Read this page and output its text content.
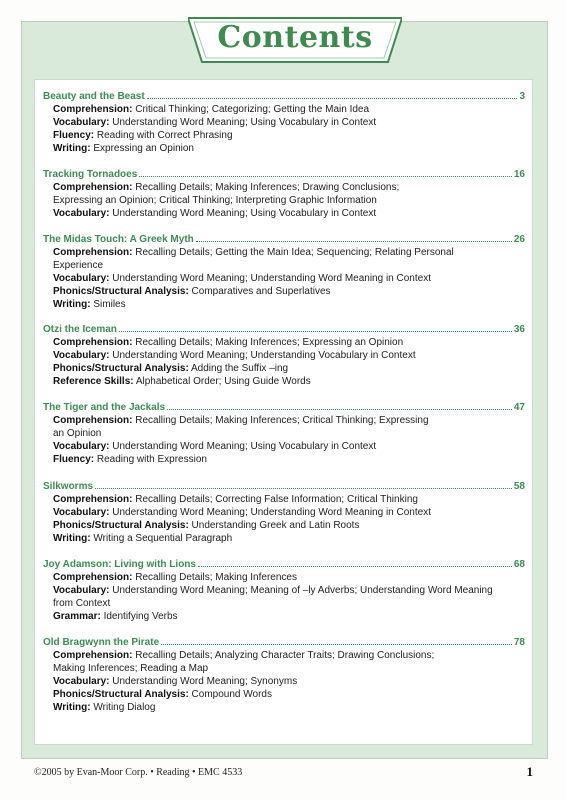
Contents
Beauty and the Beast	3
Comprehension: Critical Thinking; Categorizing; Getting the Main Idea
Vocabulary: Understanding Word Meaning; Using Vocabulary in Context
Fluency: Reading with Correct Phrasing
Writing: Expressing an Opinion
Tracking Tornadoes	16
Comprehension: Recalling Details; Making Inferences; Drawing Conclusions;
Expressing an Opinion; Critical Thinking; Interpreting Graphic Information
Vocabulary: Understanding Word Meaning; Using Vocabulary in Context
The Midas Touch: A Greek Myth	26
Comprehension: Recalling Details; Getting the Main Idea; Sequencing; Relating Personal
Experience
Vocabulary: Understanding Word Meaning; Understanding Word Meaning in Context
Phonics/Structural Analysis: Comparatives and Superlatives
Writing: Similes
Otzi the Iceman	36
Comprehension: Recalling Details; Making Inferences; Expressing an Opinion
Vocabulary: Understanding Word Meaning; Understanding Vocabulary in Context
Phonics/Structural Analysis: Adding the Suffix –ing
Reference Skills: Alphabetical Order; Using Guide Words
The Tiger and the Jackals	47
Comprehension: Recalling Details; Making Inferences; Critical Thinking; Expressing
an Opinion
Vocabulary: Understanding Word Meaning; Using Vocabulary in Context
Fluency: Reading with Expression
Silkworms	58
Comprehension: Recalling Details; Correcting False Information; Critical Thinking
Vocabulary: Understanding Word Meaning; Understanding Word Meaning in Context
Phonics/Structural Analysis: Understanding Greek and Latin Roots
Writing: Writing a Sequential Paragraph
Joy Adamson: Living with Lions	68
Comprehension: Recalling Details; Making Inferences
Vocabulary: Understanding Word Meaning; Meaning of –ly Adverbs; Understanding Word Meaning
from Context
Grammar: Identifying Verbs
Old Bragwynn the Pirate	78
Comprehension: Recalling Details; Analyzing Character Traits; Drawing Conclusions;
Making Inferences; Reading a Map
Vocabulary: Understanding Word Meaning; Synonyms
Phonics/Structural Analysis: Compound Words
Writing: Writing Dialog
©2005 by Evan-Moor Corp. • Reading • EMC 4533	1
